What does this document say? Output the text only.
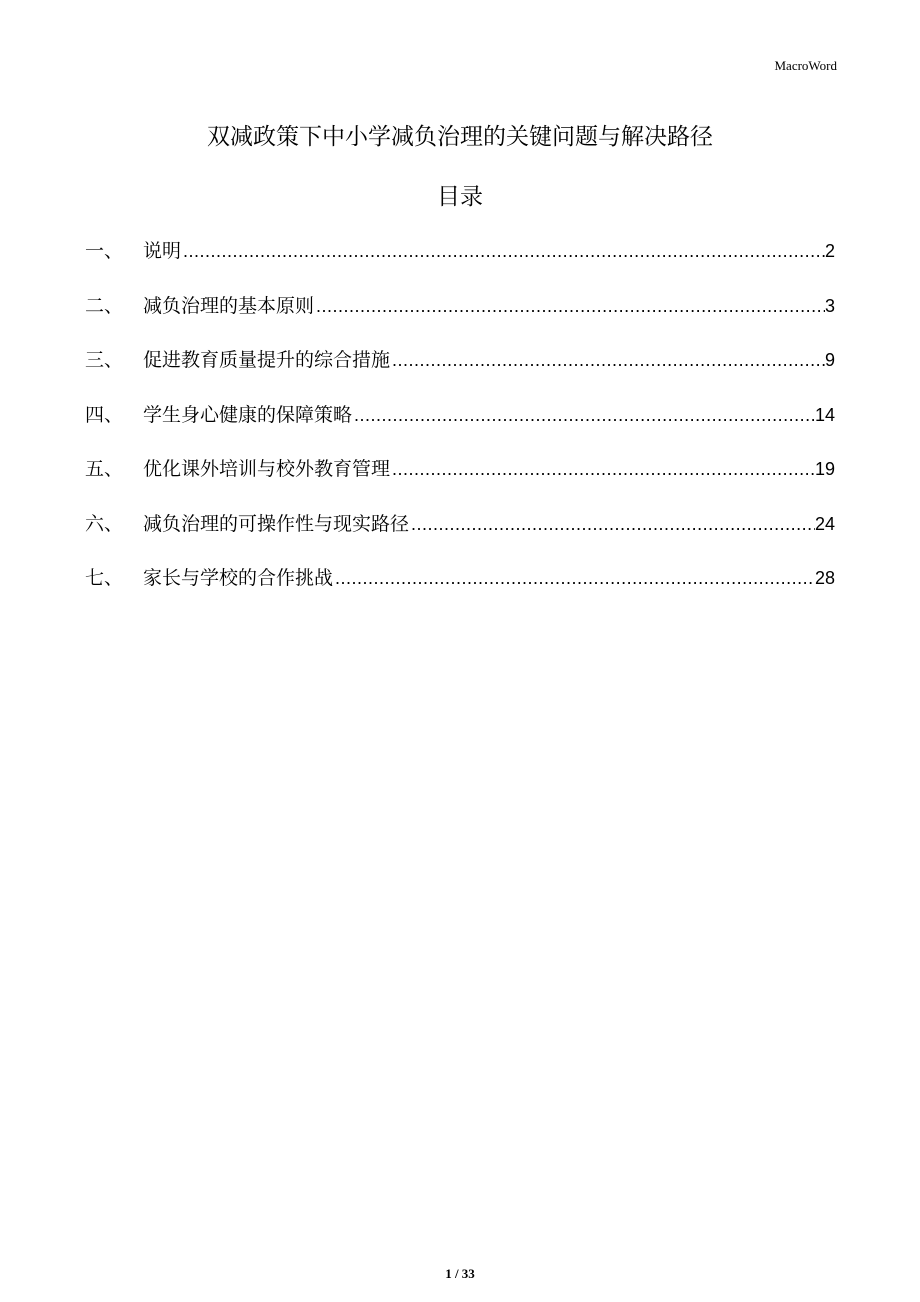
MacroWord
双减政策下中小学减负治理的关键问题与解决路径
目录
一、	说明 .....	2
二、	减负治理的基本原则 .....	3
三、	促进教育质量提升的综合措施 .....	9
四、	学生身心健康的保障策略 .....	14
五、	优化课外培训与校外教育管理 .....	19
六、	减负治理的可操作性与现实路径 .....	24
七、	家长与学校的合作挑战 .....	28
1 / 33
